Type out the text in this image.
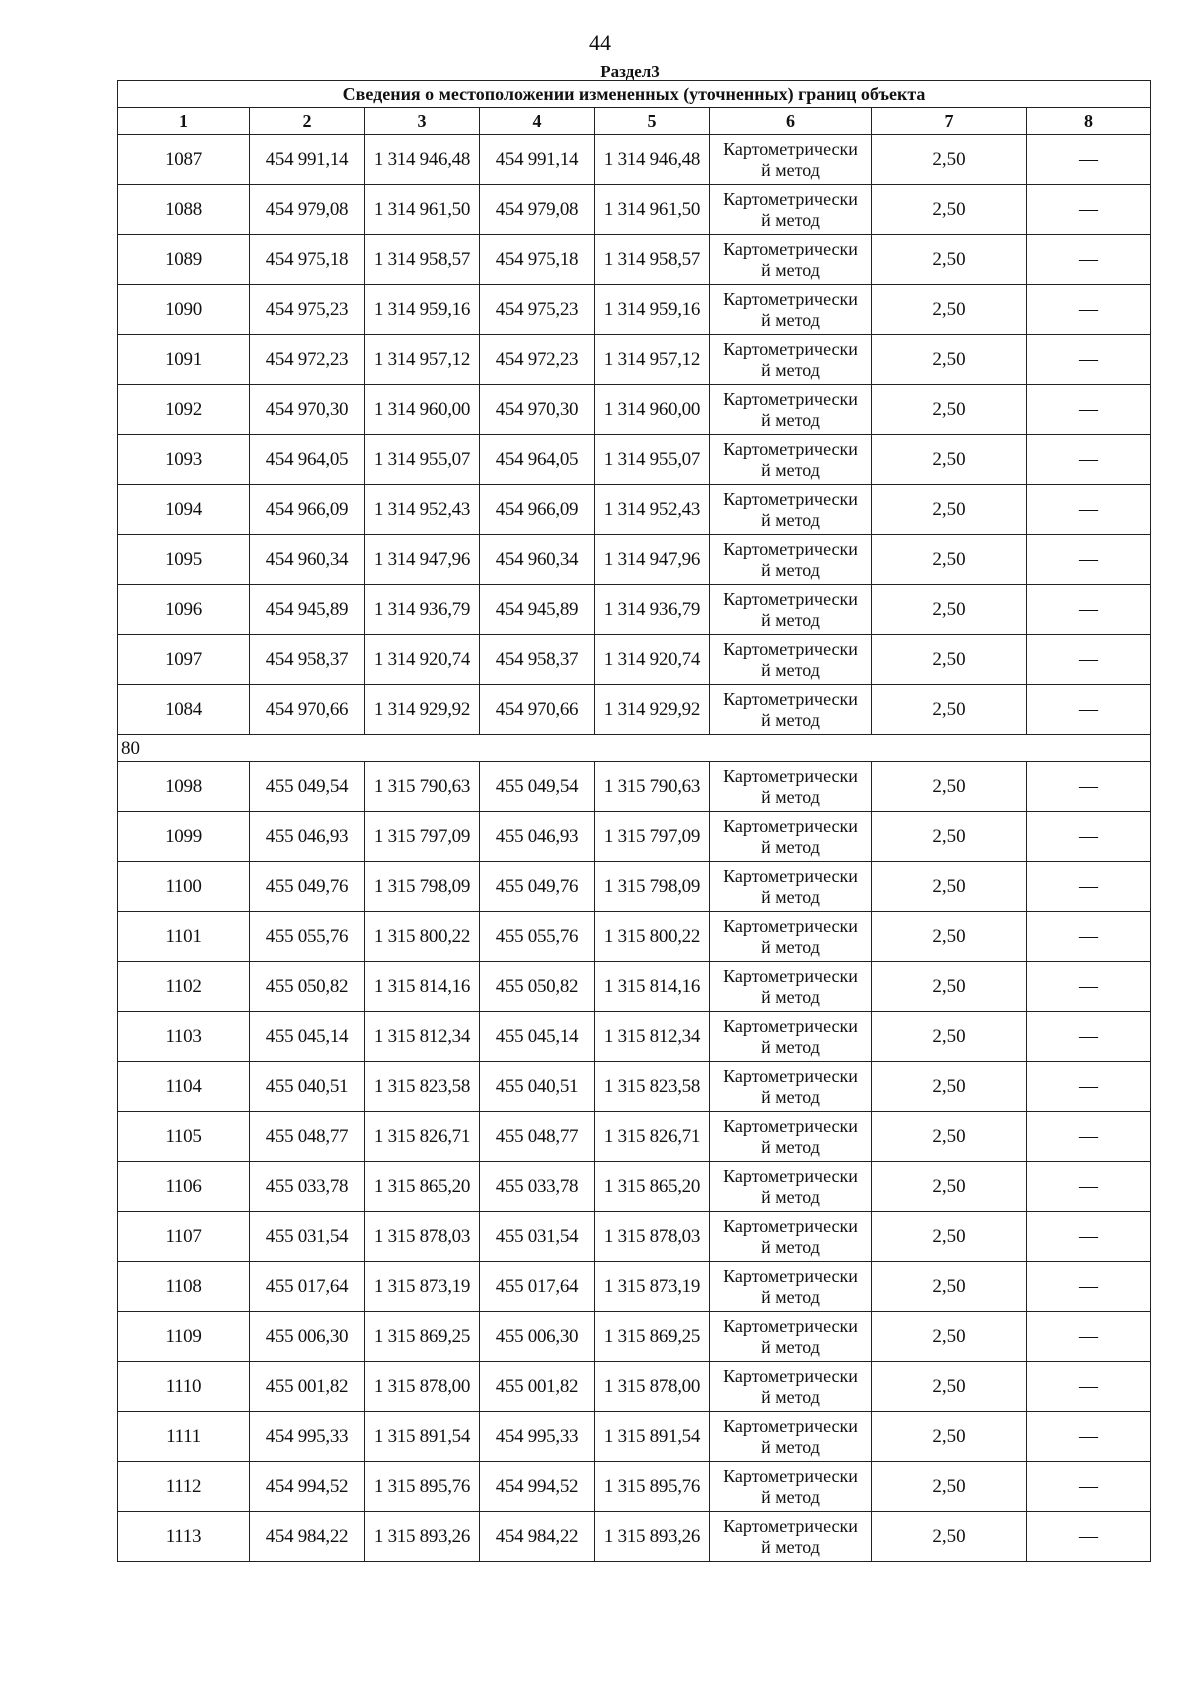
44
Раздел3
Сведения о местоположении измененных (уточненных) границ объекта							
1	2	3	4	5	6	7	8
1087	454 991,14	1 314 946,48	454 991,14	1 314 946,48	Картометрически
й метод	2,50	—
1088	454 979,08	1 314 961,50	454 979,08	1 314 961,50	Картометрически
й метод	2,50	—
1089	454 975,18	1 314 958,57	454 975,18	1 314 958,57	Картометрически
й метод	2,50	—
1090	454 975,23	1 314 959,16	454 975,23	1 314 959,16	Картометрически
й метод	2,50	—
1091	454 972,23	1 314 957,12	454 972,23	1 314 957,12	Картометрически
й метод	2,50	—
1092	454 970,30	1 314 960,00	454 970,30	1 314 960,00	Картометрически
й метод	2,50	—
1093	454 964,05	1 314 955,07	454 964,05	1 314 955,07	Картометрически
й метод	2,50	—
1094	454 966,09	1 314 952,43	454 966,09	1 314 952,43	Картометрически
й метод	2,50	—
1095	454 960,34	1 314 947,96	454 960,34	1 314 947,96	Картометрически
й метод	2,50	—
1096	454 945,89	1 314 936,79	454 945,89	1 314 936,79	Картометрически
й метод	2,50	—
1097	454 958,37	1 314 920,74	454 958,37	1 314 920,74	Картометрически
й метод	2,50	—
1084	454 970,66	1 314 929,92	454 970,66	1 314 929,92	Картометрически
й метод	2,50	—
80							
1098	455 049,54	1 315 790,63	455 049,54	1 315 790,63	Картометрически
й метод	2,50	—
1099	455 046,93	1 315 797,09	455 046,93	1 315 797,09	Картометрически
й метод	2,50	—
1100	455 049,76	1 315 798,09	455 049,76	1 315 798,09	Картометрически
й метод	2,50	—
1101	455 055,76	1 315 800,22	455 055,76	1 315 800,22	Картометрически
й метод	2,50	—
1102	455 050,82	1 315 814,16	455 050,82	1 315 814,16	Картометрически
й метод	2,50	—
1103	455 045,14	1 315 812,34	455 045,14	1 315 812,34	Картометрически
й метод	2,50	—
1104	455 040,51	1 315 823,58	455 040,51	1 315 823,58	Картометрически
й метод	2,50	—
1105	455 048,77	1 315 826,71	455 048,77	1 315 826,71	Картометрически
й метод	2,50	—
1106	455 033,78	1 315 865,20	455 033,78	1 315 865,20	Картометрически
й метод	2,50	—
1107	455 031,54	1 315 878,03	455 031,54	1 315 878,03	Картометрически
й метод	2,50	—
1108	455 017,64	1 315 873,19	455 017,64	1 315 873,19	Картометрически
й метод	2,50	—
1109	455 006,30	1 315 869,25	455 006,30	1 315 869,25	Картометрически
й метод	2,50	—
1110	455 001,82	1 315 878,00	455 001,82	1 315 878,00	Картометрически
й метод	2,50	—
1111	454 995,33	1 315 891,54	454 995,33	1 315 891,54	Картометрически
й метод	2,50	—
1112	454 994,52	1 315 895,76	454 994,52	1 315 895,76	Картометрически
й метод	2,50	—
1113	454 984,22	1 315 893,26	454 984,22	1 315 893,26	Картометрически
й метод	2,50	—
